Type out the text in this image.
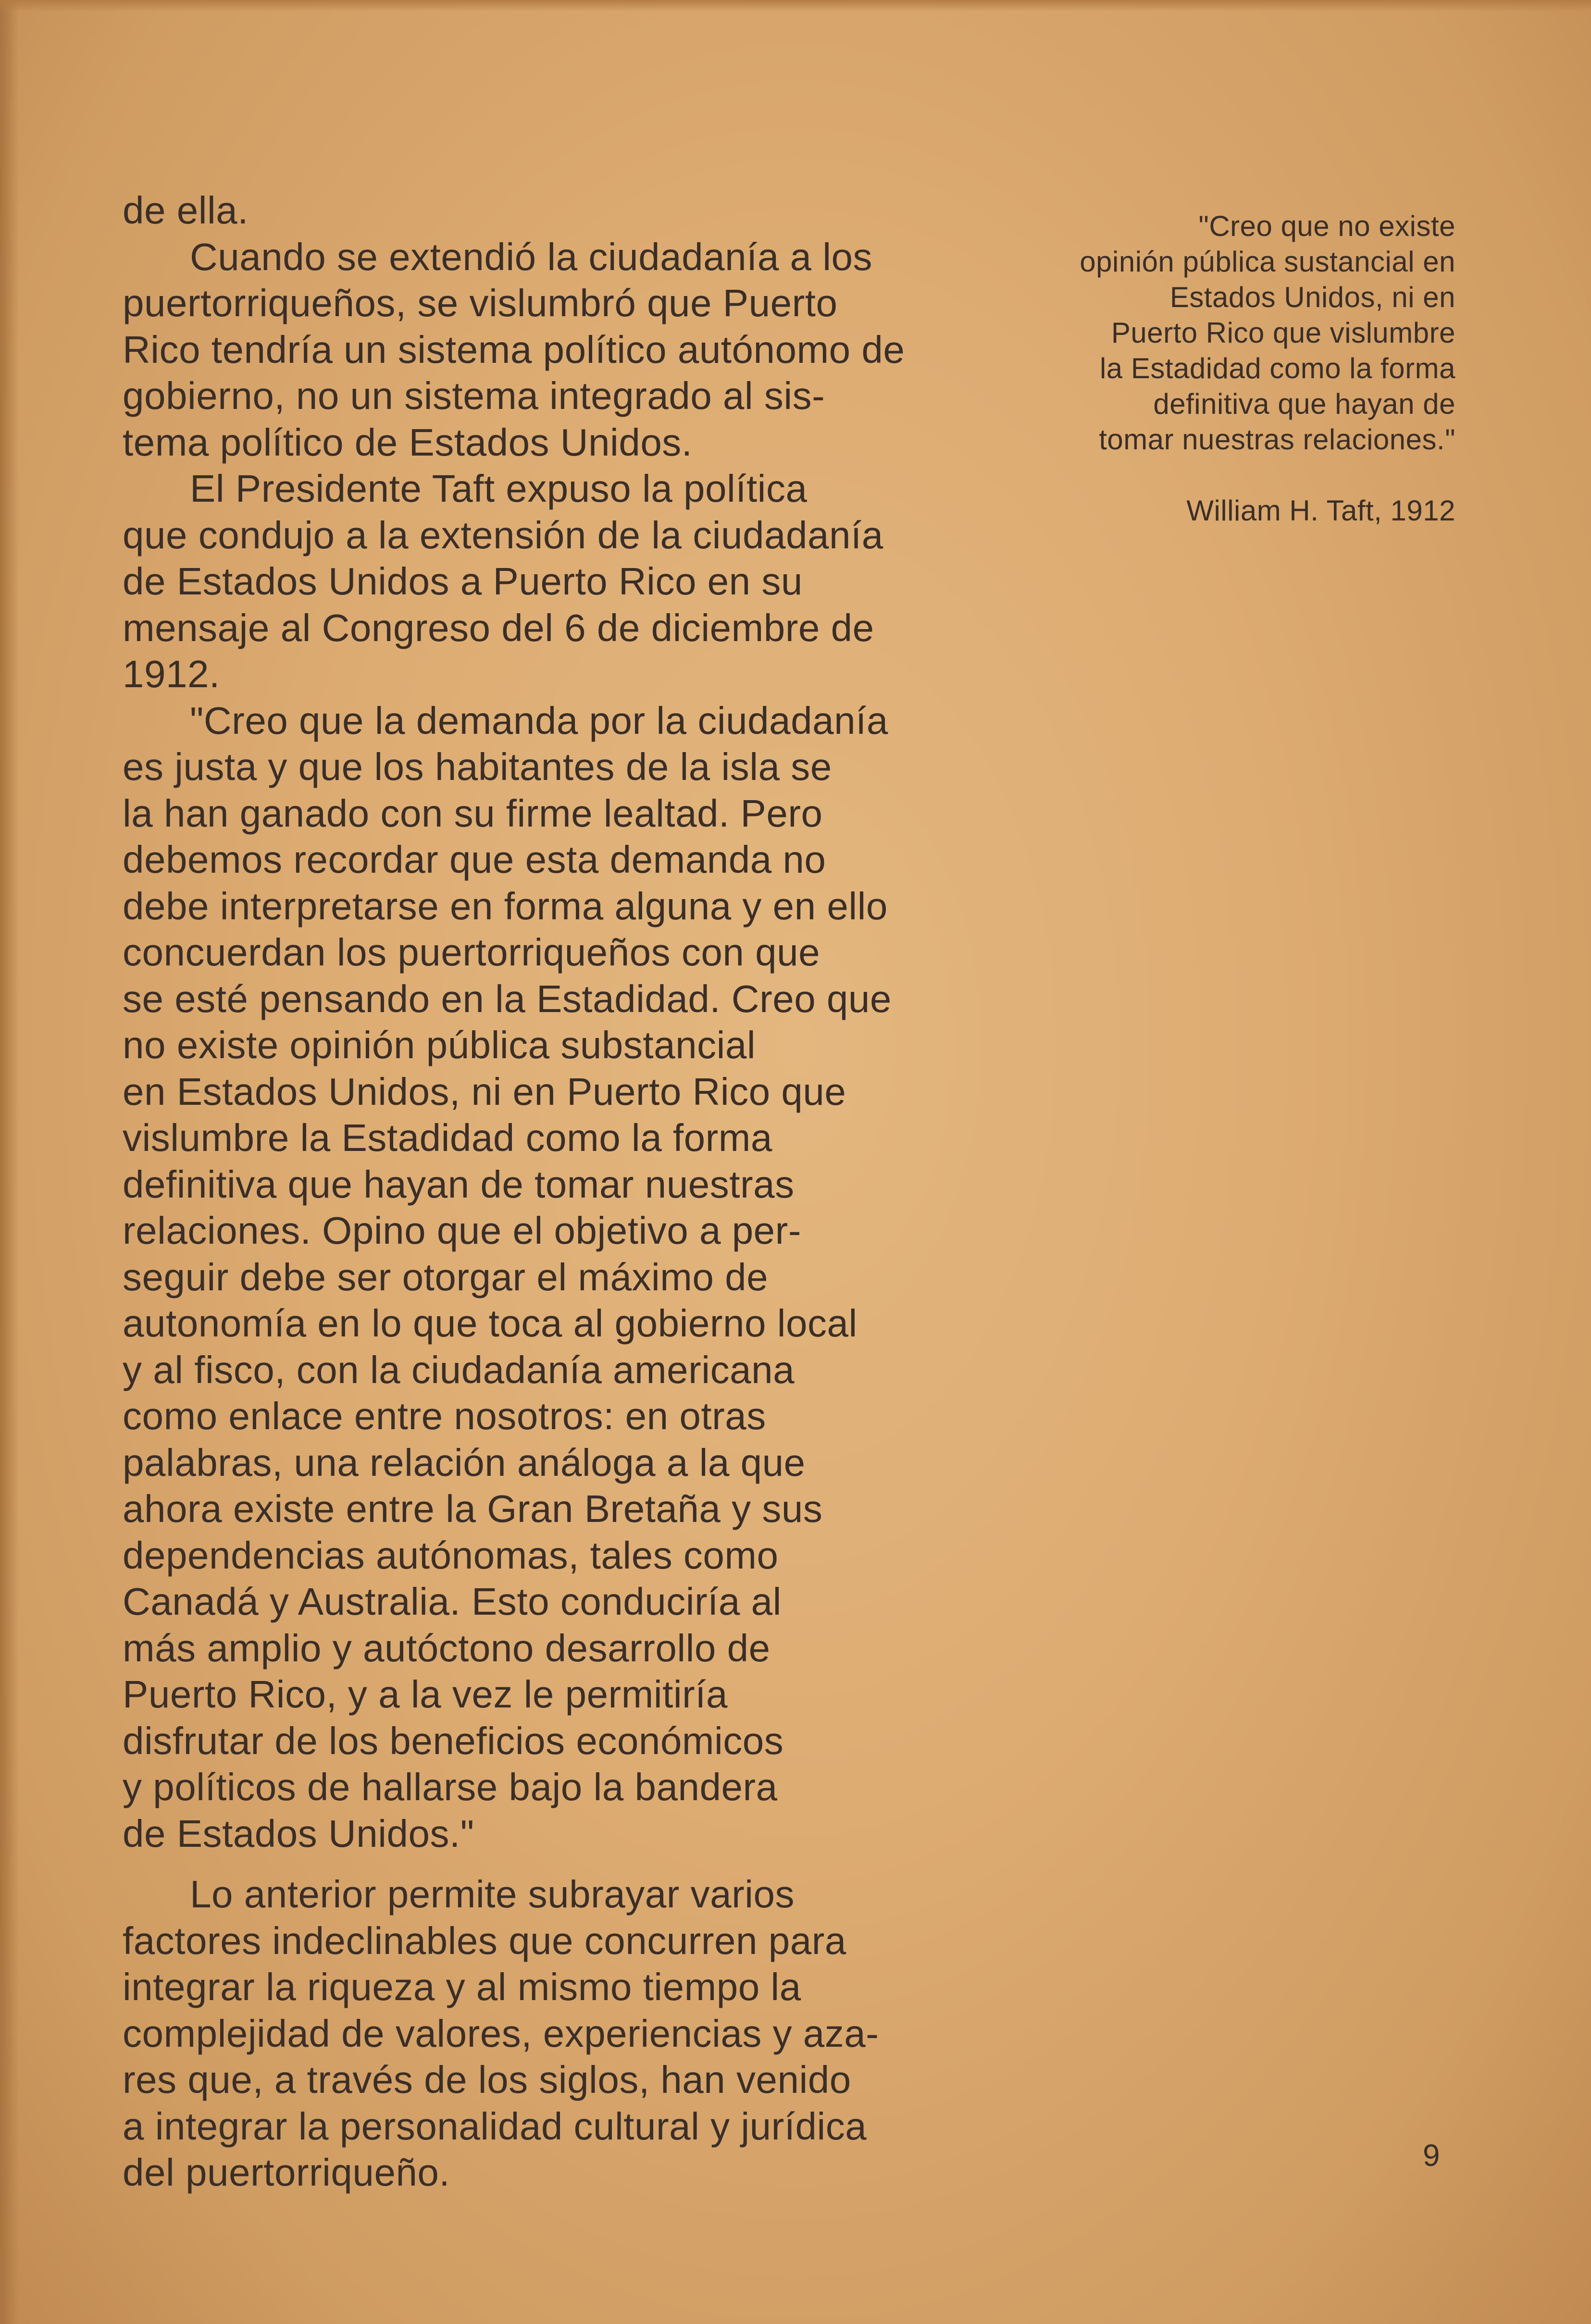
de ella.

Cuando se extendió la ciudadanía a los
puertorriqueños, se vislumbró que Puerto
Rico tendría un sistema político autónomo de
gobierno, no un sistema integrado al sis-
tema político de Estados Unidos.

El Presidente Taft expuso la política
que condujo a la extensión de la ciudadanía
de Estados Unidos a Puerto Rico en su
mensaje al Congreso del 6 de diciembre de
1912.

"Creo que la demanda por la ciudadanía
es justa y que los habitantes de la isla se
la han ganado con su firme lealtad. Pero
debemos recordar que esta demanda no
debe interpretarse en forma alguna y en ello
concuerdan los puertorriqueños con que
se esté pensando en la Estadidad. Creo que
no existe opinión pública substancial
en Estados Unidos, ni en Puerto Rico que
vislumbre la Estadidad como la forma
definitiva que hayan de tomar nuestras
relaciones. Opino que el objetivo a per-
seguir debe ser otorgar el máximo de
autonomía en lo que toca al gobierno local
y al fisco, con la ciudadanía americana
como enlace entre nosotros: en otras
palabras, una relación análoga a la que
ahora existe entre la Gran Bretaña y sus
dependencias autónomas, tales como
Canadá y Australia. Esto conduciría al
más amplio y autóctono desarrollo de
Puerto Rico, y a la vez le permitiría
disfrutar de los beneficios económicos
y políticos de hallarse bajo la bandera
de Estados Unidos."

Lo anterior permite subrayar varios
factores indeclinables que concurren para
integrar la riqueza y al mismo tiempo la
complejidad de valores, experiencias y aza-
res que, a través de los siglos, han venido
a integrar la personalidad cultural y jurídica
del puertorriqueño.

"Creo que no existe
opinión pública sustancial en
Estados Unidos, ni en
Puerto Rico que vislumbre
la Estadidad como la forma
definitiva que hayan de
tomar nuestras relaciones."

William H. Taft, 1912

9
